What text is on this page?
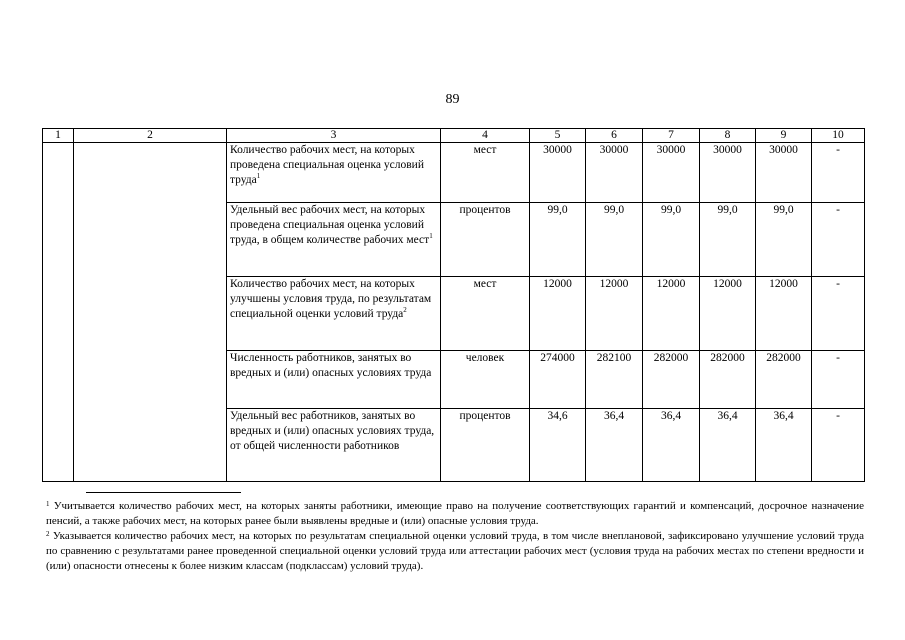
89
1	2	3	4	5	6	7	8	9	10
		Количество рабочих мест, на которых проведена специальная оценка условий труда$^1$	мест	30000	30000	30000	30000	30000	-
		Удельный вес рабочих мест, на которых проведена специальная оценка условий труда, в общем количестве рабочих мест$^1$	процентов	99,0	99,0	99,0	99,0	99,0	-
		Количество рабочих мест, на которых улучшены условия труда, по результатам специальной оценки условий труда$^2$	мест	12000	12000	12000	12000	12000	-
		Численность работников, занятых во вредных и (или) опасных условиях труда	человек	274000	282100	282000	282000	282000	-
		Удельный вес работников, занятых во вредных и (или) опасных условиях труда, от общей численности работников	процентов	34,6	36,4	36,4	36,4	36,4	-

$^1$ Учитывается количество рабочих мест, на которых заняты работники, имеющие право на получение соответствующих гарантий и компенсаций, досрочное назначение пенсий, а также рабочих мест, на которых ранее были выявлены вредные и (или) опасные условия труда.

$^2$ Указывается количество рабочих мест, на которых по результатам специальной оценки условий труда, в том числе внеплановой, зафиксировано улучшение условий труда по сравнению с результатами ранее проведенной специальной оценки условий труда или аттестации рабочих мест (условия труда на рабочих местах по степени вредности и (или) опасности отнесены к более низким классам (подклассам) условий труда).
